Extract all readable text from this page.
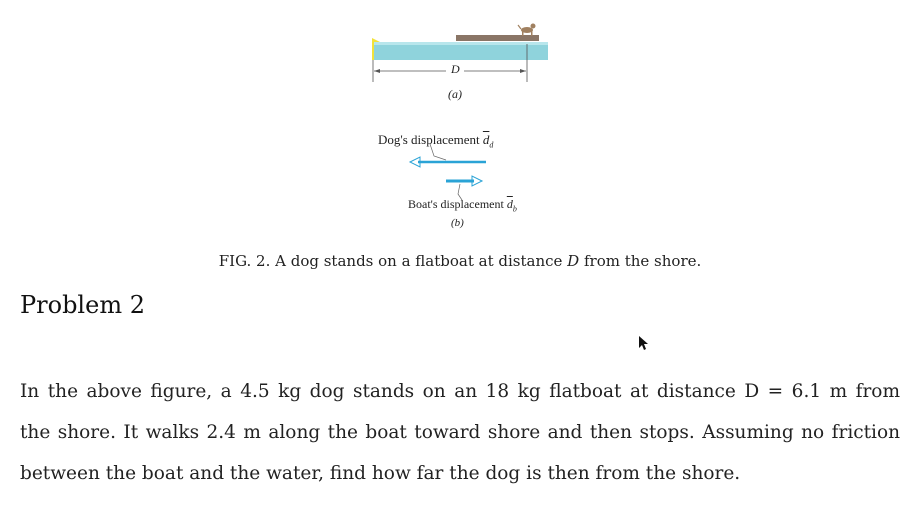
D
(a)
Dog's displacement $\overline{d}_d$
Boat's displacement $\overline{d}_b$
(b)
FIG. 2. A dog stands on a flatboat at distance D from the shore.
Problem 2

In the above figure, a 4.5 kg dog stands on an 18 kg flatboat at distance D = 6.1 m from
the shore. It walks 2.4 m along the boat toward shore and then stops. Assuming no friction
between the boat and the water, find how far the dog is then from the shore.
